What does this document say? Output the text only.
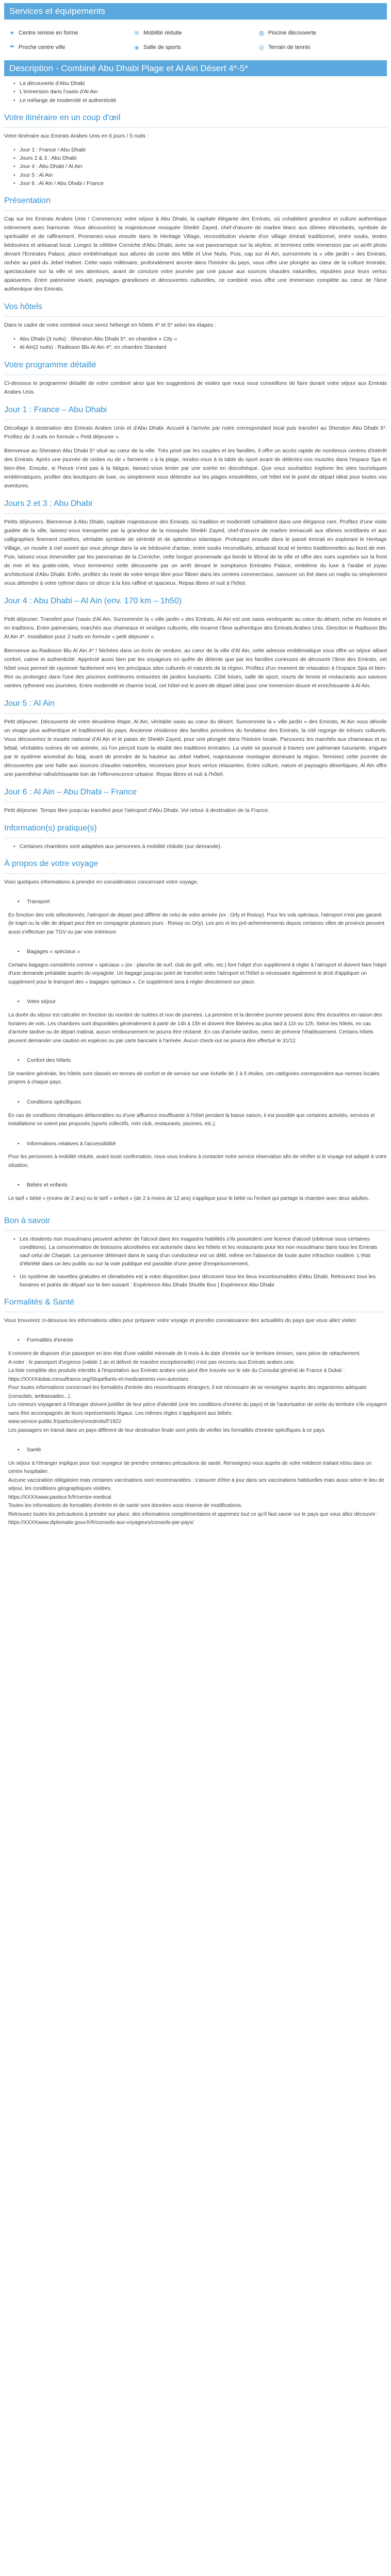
Services et équipements
♥ Centre remise en forme	≋ Mobilité réduite	◍ Piscine découverte
☂ Proche centre ville	◈ Salle de sports	◎ Terrain de tennis
Description - Combiné Abu Dhabi Plage et Al Ain Désert 4*-5*
• La découverte d'Abu Dhabi
• L'immersion dans l'oasis d'Al Ain
• Le mélange de modernité et authenticité
Votre itinéraire en un coup d'œil

Votre itinéraire aux Emirats Arabes Unis en 6 jours / 5 nuits :

• Jour 1 : France / Abu Dhabi
• Jours 2 & 3 : Abu Dhabi
• Jour 4 : Abu Dhabi / Al Ain
• Jour 5 : Al Ain
• Jour 6 : Al Ain / Abu Dhabi / France
Présentation

Cap sur les Emirats Arabes Unis ! Commencez votre séjour à Abu Dhabi, la capitale élégante des Emirats, où cohabitent grandeur et culture authentique intimement avec harmonie. Vous découvrirez la majestueuse mosquée Sheikh Zayed, chef-d'œuvre de marbre blanc aux dômes étincelants, symbole de spiritualité et de raffinement. Promenez-vous ensuite dans le Heritage Village, reconstitution vivante d'un village émirati traditionnel, entre souks, tentes bédouines et artisanat local. Longez la célèbre Corniche d'Abu Dhabi, avec sa vue panoramique sur la skyline, et terminez cette immersion par un arrêt photo devant l'Emirates Palace, place emblématique aux allures de conte des Mille et Une Nuits. Puis, cap sur Al Ain, surnommée la « ville jardin » des Emirats, nichée au pied du Jebel Hafeet. Cette oasis millénaire, profondément ancrée dans l'histoire du pays, vous offre une plongée au cœur de la culture émiratie, spectaculaire sur la ville et ses alentours, avant de conclure votre journée par une pause aux sources chaudes naturelles, réputées pour leurs vertus apaisantes. Entre patrimoine vivant, paysages grandioses et découvertes culturelles, ce combiné vous offre une immersion complète au cœur de l'âme authentique des Emirats.

Vos hôtels

Dans le cadre de votre combiné vous serez hébergé en hôtels 4* et 5* selon les étapes :

• Abu Dhabi (3 nuits) : Sheraton Abu Dhabi 5*, en chambre « City »
• Al Ain(2 nuits) : Radisson Blu Al Ain 4*, en chambre Standard
Votre programme détaillé

Ci-dessous le programme détaillé de votre combiné ainsi que les suggestions de visites que nous vous conseillons de faire durant votre séjour aux Emirats Arabes Unis.

Jour 1 : France – Abu Dhabi

Décollage à destination des Emirats Arabes Unis et d'Abu Dhabi. Accueil à l'arrivée par notre correspondant local puis transfert au Sheraton Abu Dhabi 5*. Profitez de 3 nuits en formule « Petit déjeuner ».

Bienvenue au Sheraton Abu Dhabi 5* situé au cœur de la ville. Très prisé par les couples et les familles, il offre un accès rapide de nombreux centres d'intérêt des Emirats. Après une journée de visites ou de « farniente » à la plage, rendez-vous à la table du sport avant de déléctez-vos muscles dans l'espace Spa et bien-être. Ensuite, si l'heure n'est pas à la fatigue, laissez-vous tenter par une soirée en discothèque. Que vous souhaitiez explorer les sites touristiques emblématiques, profiter des boutiques de luxe, ou simplement vous détendre sur les plages ensoleillées, cet hôtel est le point de départ idéal pour toutes vos aventures.

Jours 2 et 3 : Abu Dhabi

Petits déjeuners. Bienvenue à Abu Dhabi, capitale majestueuse des Emirats, où tradition et modernité cohabitent dans une élégance rare. Profitez d'une visite guidée de la ville, laissez-vous transporter par la grandeur de la mosquée Sheikh Zayed, chef-d'œuvre de marbre immaculé aux dômes scintillants et aux calligraphies finement ciselées, véritable symbole de sérénité et de splendeur islamique. Prolongez ensuite dans le passé émirati en explorant le Heritage Village, un musée à ciel ouvert qui vous plonge dans la vie bédouine d'antan, entre souks reconstitués, artisanat local et tentes traditionnelles au bord de mer. Puis, laissez-vous émerveiller par les panoramas de la Corniche, cette longue promenade qui borde le littoral de la ville et offre des vues superbes sur la front de mer et les gratte-ciels. Vous terminerez cette découverte par un arrêt devant le somptueux Emirates Palace, emblème du luxe à l'arabe et joyau architectural d'Abu Dhabi. Enfin, profitez du reste de votre temps libre pour flâner dans les centres commerciaux, savourer un thé dans un majlis ou simplement vous détendre à votre rythme dans ce décor à la fois raffiné et spacieux. Repas libres et nuit à l'hôtel.

Jour 4 : Abu Dhabi – Al Ain (env. 170 km – 1h50)

Petit déjeuner. Transfert pour l'oasis d'Al Ain. Surnommée la « ville jardin » des Emirats, Al Ain est une oasis verdoyante au cœur du désert, riche en histoire et en traditions. Entre palmeraies, marchés aux chameaux et vestiges culturels, elle incarne l'âme authentique des Emirats Arabes Unis. Direction le Radisson Blu Al Ain 4*. Installation pour 2 nuits en formule « petit déjeuner ».

Bienvenue au Radisson Blu Al Ain 4* ! Nichées dans un écrin de verdure, au cœur de la ville d'Al Ain, cette adresse emblématique vous offre un séjour alliant confort, calme et authenticité. Apprécié aussi bien par les voyageurs en quête de détente que par les familles curieuses de découvrir l'âme des Emirats, cet hôtel vous permet de rayonner facilement vers les principaux sites culturels et naturels de la région. Profitez d'un moment de relaxation à l'espace Spa et bien-être ou prolongez dans l'une des piscines extérieures entourées de jardins luxuriants. Côté loisirs, salle de sport, courts de tennis et restaurants aux saveurs variées rythment vos journées. Entre modernité et charme local, cet hôtel est le point de départ idéal pour une immersion douce et enrichissante à Al Ain.

Jour 5 : Al Ain

Petit déjeuner. Découverte de votre deuxième étape, Al Ain, véritable oasis au cœur du désert. Surnommée la « ville jardin » des Emirats, Al Ain vous dévoile un visage plus authentique et traditionnel du pays. Ancienne résidence des familles princières du fondateur des Emirats, la cité regorge de trésors culturels. Vous découvrirez le musée national d'Al Ain et le palais de Sheikh Zayed, pour une plongée dans l'histoire locale. Parcourez les marchés aux chameaux et au bétail, véritables scènes de vie animée, où l'on perçoit toute la vitalité des traditions émiraties. La visite se poursuit à travers une palmeraie luxuriante, irriguée par le système ancestral du falaj, avant de prendre de la hauteur au Jebel Hafeet, majestueuse montagne dominant la région. Terminez cette journée de découvertes par une halte aux sources chaudes naturelles, reconnues pour leurs vertus relaxantes. Entre culture, nature et paysages désertiques, Al Ain offre une parenthèse rafraîchissante loin de l'effervescence urbaine. Repas libres et nuit à l'hôtel.

Jour 6 : Al Ain – Abu Dhabi – France

Petit déjeuner. Temps libre jusqu'au transfert pour l'aéroport d'Abu Dhabi. Vol retour à destination de la France.

Information(s) pratique(s)
• Certaines chambres sont adaptées aux personnes à mobilité réduite (sur demande).
À propos de votre voyage

Voici quelques informations à prendre en considération concernant votre voyage.

• Transport
En fonction des vols sélectionnés, l'aéroport de départ peut différer de celui de votre arrivée (ex : Orly et Roissy). Pour les vols spéciaux, l'aéroport n'est pas garanti (le trajet ou la ville de départ peut être en compagnie plusieurs jours : Roissy ou Orly). Les prix et les pré-acheminements depuis certaines villes de province peuvent aussi s'effectuer par TGV ou par voie intérieure.
• Bagages « spéciaux »
Certains bagages considérés comme « spéciaux » (ex : planche de surf, club de golf, vélo, etc.) font l'objet d'un supplément à régler à l'aéroport et doivent faire l'objet d'une demande préalable auprès du voyagiste. Un bagage jusqu'au point de transfert entre l'aéroport et l'hôtel si nécessaire également le droit d'appliquer un supplément pour le transport des « bagages spéciaux ». Ce supplément sera à régler directement sur place.
• Votre séjour
La durée du séjour est calculée en fonction du nombre de nuitées et non de journées. La première et la dernière journée peuvent donc être écourtées en raison des horaires de vols. Les chambres sont disponibles généralement à partir de 14h à 15h et doivent être libérées au plus tard à 11h ou 12h. Selon les hôtels, en cas d'arrivée tardive ou de départ matinal, aucun remboursement ne pourra être réclamé. En cas d'arrivée tardive, merci de prévenir l'établissement. Certains hôtels peuvent demander une caution en espèces ou par carte bancaire à l'arrivée. Aucun check-out ne pourra être effectué le 31/12.
• Confort des hôtels
De manière générale, les hôtels sont classés en termes de confort et de service sur une échelle de 2 à 5 étoiles, ces catégories correspondent aux normes locales propres à chaque pays.
• Conditions spécifiques
En cas de conditions climatiques défavorables ou d'une affluence insuffisante à l'hôtel pendant la basse saison, il est possible que certaines activités, services et installations ne soient pas proposés (sports collectifs, mini club, restaurants, piscines, etc.).
• Informations relatives à l'accessibilité
Pour les personnes à mobilité réduite, avant toute confirmation, nous vous invitons à contacter notre service réservation afin de vérifier si le voyage est adapté à votre situation.
• Bébés et enfants
Le tarif « bébé » (moins de 2 ans) ou le tarif « enfant » (de 2 à moins de 12 ans) s'applique pour le bébé ou l'enfant qui partage la chambre avec deux adultes.
Bon à savoir
• Les résidents non musulmans peuvent acheter de l'alcool dans les magasins habilités s'ils possèdent une licence d'alcool (obtenue sous certaines conditions). La consommation de boissons alcoolisées est autorisée dans les hôtels et les restaurants pour les non musulmans dans tous les Emirats sauf celui de Charjah. La personne détenant dans le sang d'un conducteur est un délit, même en l'absence de toute autre infraction routière. L'état d'ébriété dans un lieu public ou sur la voie publique est passible d'une peine d'emprisonnement.
• Un système de navettes gratuites et climatisées est à votre disposition pour découvrir tous les lieux incontournables d'Abu Dhabi. Retrouvez tous les horaires et points de départ sur le lien suivant : Expérience Abu Dhabi Shuttle Bus | Expérience Abu Dhabi
Formalités & Santé

Vous trouverez ci-dessous les informations utiles pour préparer votre voyage et prendre connaissance des actualités du pays que vous allez visiter.

• Formalités d'entrée
Il convient de disposer d'un passeport en bon état d'une validité minimale de 6 mois à la date d'entrée sur le territoire émirien, sans pièce de rattachement.
A noter : le passeport d'urgence (valide 1 an et délivré de manière exceptionnelle) n'est pas reconnu aux Emirats arabes unis.
La liste complète des produits interdits à l'importation aux Emirats arabes unis peut être trouvée sur le site du Consulat général de France à Dubaï : https://XXXXdubai.consulfrance.org/Stupefiants-et-medicaments-non-autorises
Pour toutes informations concernant les formalités d'entrée des ressortissants étrangers, il est nécessaire de se renseigner auprès des organismes adéquats (consulats, ambassades...).
Les mineurs voyageant à l'étranger doivent justifier de leur pièce d'identité (voir les conditions d'entrée du pays) et de l'autorisation de sortie du territoire s'ils voyagent sans être accompagnés de leurs représentants légaux. Les mêmes règles s'appliquent aux bébés.
www.service-public.fr/particuliers/vosdroits/F1922
Les passagers en transit dans un pays différent de leur destination finale sont priés de vérifier les formalités d'entrée spécifiques à ce pays.
• Santé
Un séjour à l'étranger implique pour tout voyageur de prendre certaines précautions de santé. Renseignez-vous auprès de votre médecin traitant et/ou dans un centre hospitalier.
Aucune vaccination obligatoire mais certaines vaccinations sont recommandées : s'assurer d'être à jour dans ses vaccinations habituelles mais aussi selon le lieu de séjour, les conditions géographiques visitées.
https://XXXXwww.pasteur.fr/fr/centre-medical
Toutes les informations de formalités d'entrée et de santé sont données sous réserve de modifications.
Retrouvez toutes les précautions à prendre sur place, des informations complémentaires et apprenez tout ce qu'il faut savoir sur le pays que vous allez découvrir : https://XXXXwww.diplomatie.gouv.fr/fr/conseils-aux-voyageurs/conseils-par-pays/
